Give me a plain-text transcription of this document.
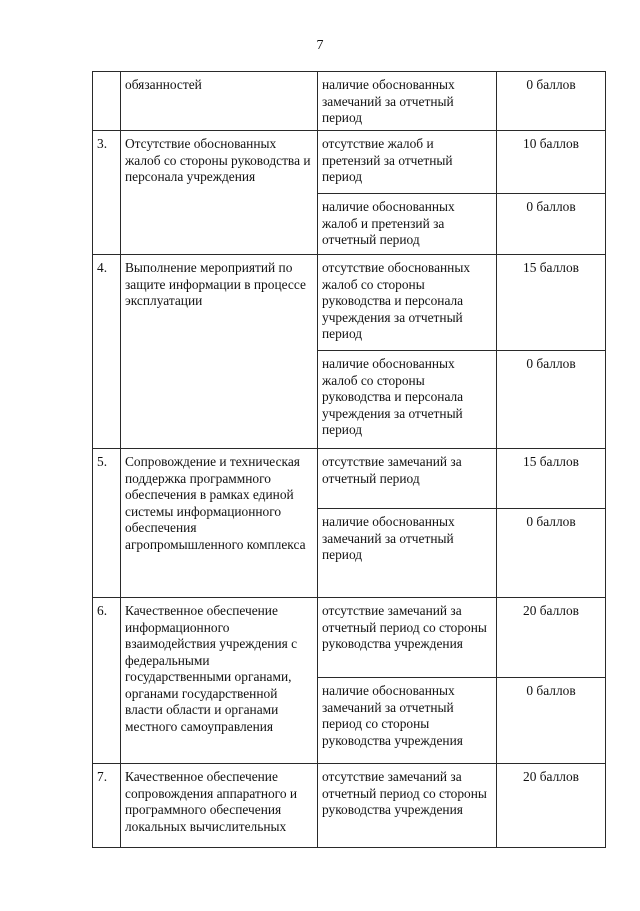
7
	обязанностей	наличие обоснованных замечаний за отчетный период	0 баллов
3.	Отсутствие обоснованных жалоб со стороны руководства и персонала учреждения	отсутствие жалоб и претензий за отчетный период	10 баллов
		наличие обоснованных жалоб и претензий за отчетный период	0 баллов
4.	Выполнение мероприятий по защите информации в процессе эксплуатации	отсутствие обоснованных жалоб со стороны руководства и персонала учреждения за отчетный период	15 баллов
		наличие обоснованных жалоб со стороны руководства и персонала учреждения за отчетный период	0 баллов
5.	Сопровождение и техническая поддержка программного обеспечения в рамках единой системы информационного обеспечения агропромышленного комплекса	отсутствие замечаний за отчетный период	15 баллов
		наличие обоснованных замечаний за отчетный период	0 баллов
6.	Качественное обеспечение информационного взаимодействия учреждения с федеральными государственными органами, органами государственной власти области и органами местного самоуправления	отсутствие замечаний за отчетный период со стороны руководства учреждения	20 баллов
		наличие обоснованных замечаний за отчетный период со стороны руководства учреждения	0 баллов
7.	Качественное обеспечение сопровождения аппаратного и программного обеспечения локальных вычислительных	отсутствие замечаний за отчетный период со стороны руководства учреждения	20 баллов
